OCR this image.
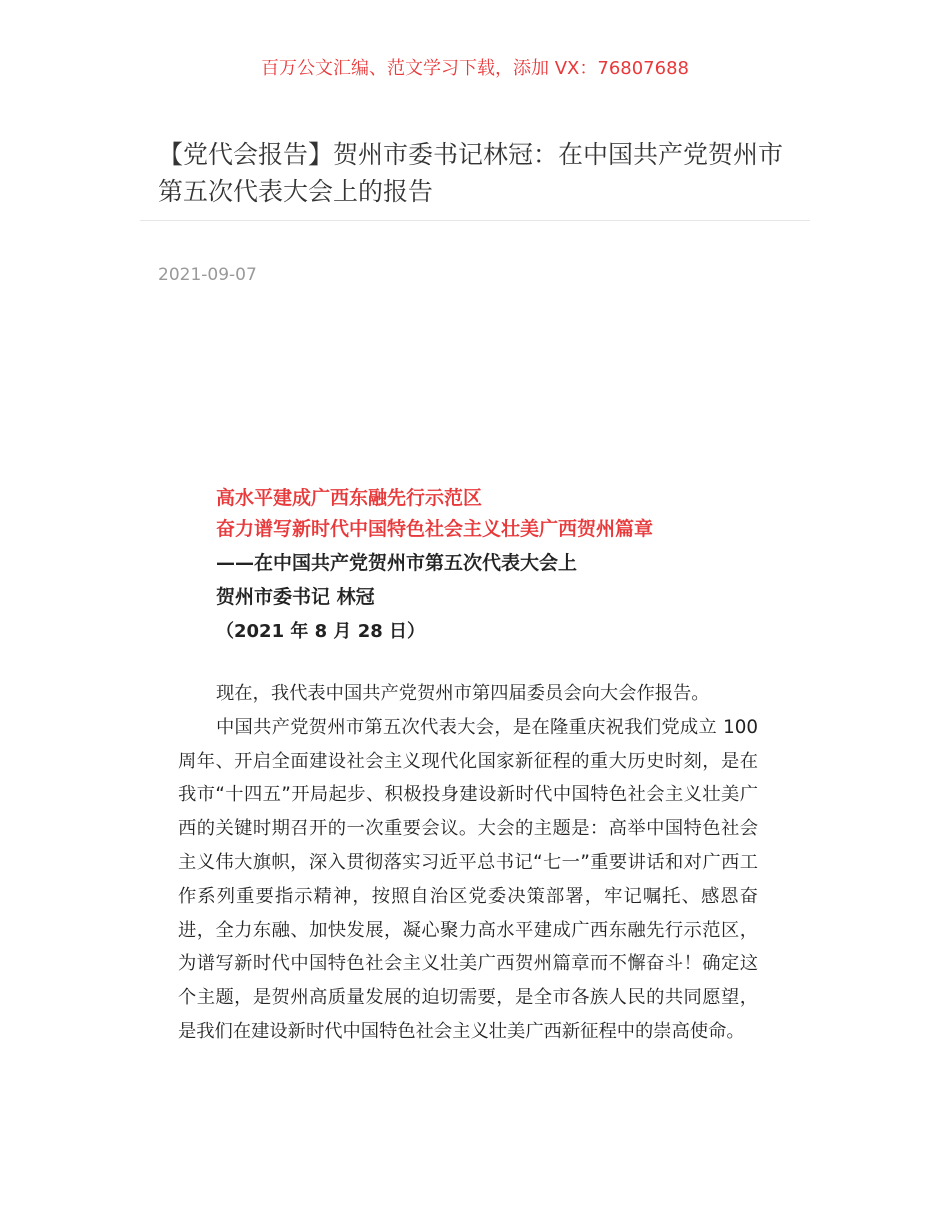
百万公文汇编、范文学习下载，添加 VX：76807688
【党代会报告】贺州市委书记林冠：在中国共产党贺州市第五次代表大会上的报告
2021-09-07
高水平建成广西东融先行示范区
奋力谱写新时代中国特色社会主义壮美广西贺州篇章
——在中国共产党贺州市第五次代表大会上
贺州市委书记 林冠
（2021 年 8 月 28 日）

现在，我代表中国共产党贺州市第四届委员会向大会作报告。

中国共产党贺州市第五次代表大会，是在隆重庆祝我们党成立 100 周年、开启全面建设社会主义现代化国家新征程的重大历史时刻，是在我市“十四五”开局起步、积极投身建设新时代中国特色社会主义壮美广西的关键时期召开的一次重要会议。大会的主题是：高举中国特色社会主义伟大旗帜，深入贯彻落实习近平总书记“七一”重要讲话和对广西工作系列重要指示精神，按照自治区党委决策部署，牢记嘱托、感恩奋进，全力东融、加快发展，凝心聚力高水平建成广西东融先行示范区，为谱写新时代中国特色社会主义壮美广西贺州篇章而不懈奋斗！确定这个主题，是贺州高质量发展的迫切需要，是全市各族人民的共同愿望，是我们在建设新时代中国特色社会主义壮美广西新征程中的崇高使命。
